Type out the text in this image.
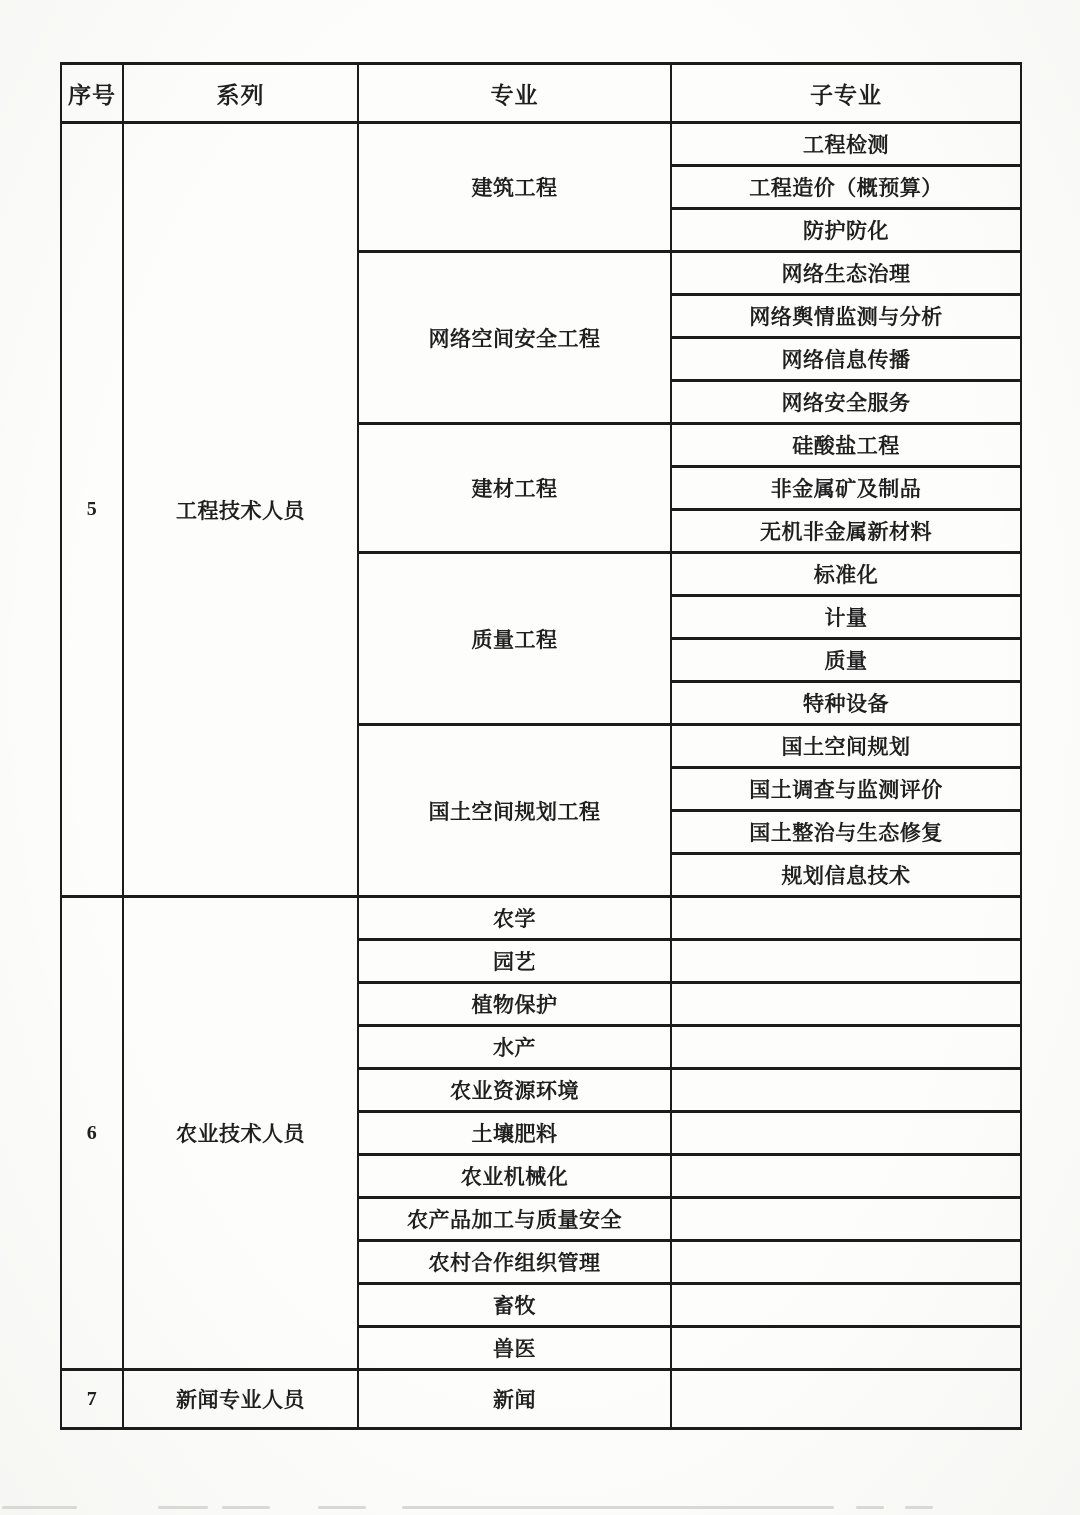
序号	系列	专业	子专业
5	工程技术人员	建筑工程	工程检测
			工程造价（概预算）
			防护防化
		网络空间安全工程	网络生态治理
			网络舆情监测与分析
			网络信息传播
			网络安全服务
		建材工程	硅酸盐工程
			非金属矿及制品
			无机非金属新材料
		质量工程	标准化
			计量
			质量
			特种设备
		国土空间规划工程	国土空间规划
			国土调查与监测评价
			国土整治与生态修复
			规划信息技术
6	农业技术人员	农学	
		园艺	
		植物保护	
		水产	
		农业资源环境	
		土壤肥料	
		农业机械化	
		农产品加工与质量安全	
		农村合作组织管理	
		畜牧	
		兽医	
7	新闻专业人员	新闻	
